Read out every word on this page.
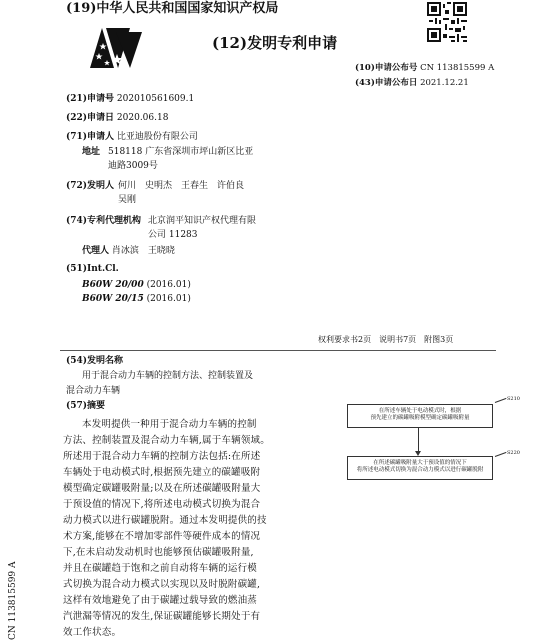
(19)中华人民共和国国家知识产权局
(12)发明专利申请
(10)申请公布号 CN 113815599 A
(43)申请公布日 2021.12.21
(21)申请号 202010561609.1
(22)申请日 2020.06.18
(71)申请人 比亚迪股份有限公司
地址 518118 广东省深圳市坪山新区比亚
迪路3009号
(72)发明人 何川　史明杰　王春生　许伯良
吴刚
(74)专利代理机构 北京润平知识产权代理有限
公司 11283
代理人 肖冰滨　王晓晓
(51)Int.Cl.
B60W 20/00 (2016.01)
B60W 20/15 (2016.01)
权利要求书2页　说明书7页　附图3页
(54)发明名称
用于混合动力车辆的控制方法、控制装置及
混合动力车辆
(57)摘要
本发明提供一种用于混合动力车辆的控制
方法、控制装置及混合动力车辆,属于车辆领域。
所述用于混合动力车辆的控制方法包括:在所述
车辆处于电动模式时,根据预先建立的碳罐吸附
模型确定碳罐吸附量;以及在所述碳罐吸附量大
于预设值的情况下,将所述电动模式切换为混合
动力模式以进行碳罐脱附。通过本发明提供的技
术方案,能够在不增加零部件等硬件成本的情况
下,在未启动发动机时也能够预估碳罐吸附量,
并且在碳罐趋于饱和之前自动将车辆的运行模
式切换为混合动力模式以实现以及时脱附碳罐,
这样有效地避免了由于碳罐过载导致的燃油蒸
汽泄漏等情况的发生,保证碳罐能够长期处于有
效工作状态。
在所述车辆处于电动模式时，根据
预先建立的碳罐吸附模型确定碳罐吸附量
S210
在所述碳罐吸附量大于预设值的情况下
将所述电动模式切换为混合动力模式以进行碳罐脱附
S220
CN 113815599 A
